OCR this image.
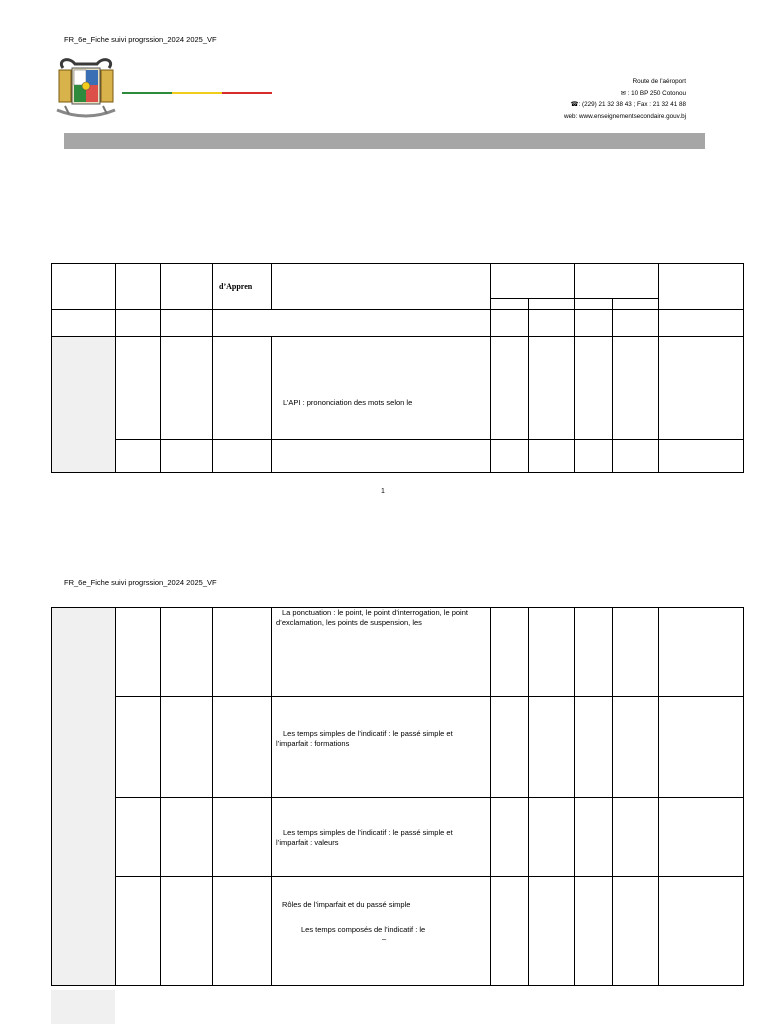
FR_6e_Fiche suivi progrssion_2024 2025_VF
Route de l'aéroport
✉ : 10 BP 250 Cotonou
☎: (229) 21 32 38 43 ; Fax : 21 32 41 88
web: www.enseignementsecondaire.gouv.bj

			d’Appren						

				L’API : prononciation des mots selon le					

1
FR_6e_Fiche suivi progrssion_2024 2025_VF

				La ponctuation : le point, le point d’interrogation, le point d’exclamation, les points de suspension, les					

				Les temps simples de l’indicatif : le passé simple et l’imparfait : formations					

				Les temps simples de l’indicatif : le passé simple et l’imparfait : valeurs					

				Rôles de l’imparfait et du passé simple
Les temps composés de l’indicatif : le
–					
